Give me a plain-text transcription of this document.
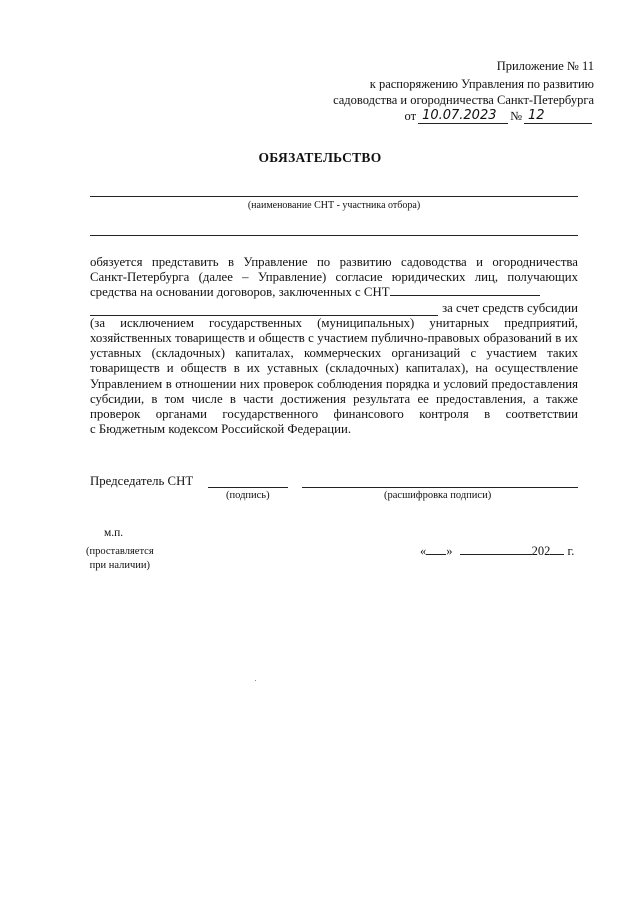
Приложение № 11
к распоряжению Управления по развитию
садоводства и огородничества Санкт-Петербурга
от 10.07.2023	№ 12
ОБЯЗАТЕЛЬСТВО
(наименование СНТ - участника отбора)

обязуется представить в Управление по развитию садоводства и огородничества

Санкт-Петербурга (далее – Управление) согласие юридических лиц, получающих

средства на основании договоров, заключенных с СНТ

за счет средств субсидии

(за исключением государственных (муниципальных) унитарных предприятий,

хозяйственных товариществ и обществ с участием публично-правовых образований в их

уставных (складочных) капиталах, коммерческих организаций с участием таких

товариществ и обществ в их уставных (складочных) капиталах), на осуществление

Управлением в отношении них проверок соблюдения порядка и условий предоставления

субсидии, в том числе в части достижения результата ее предоставления, а также

проверок органами государственного финансового контроля в соответствии

с Бюджетным кодексом Российской Федерации.

Председатель СНТ
(подпись)	(расшифровка подписи)
м.п.
(проставляется
при наличии)
« »	202 г.
